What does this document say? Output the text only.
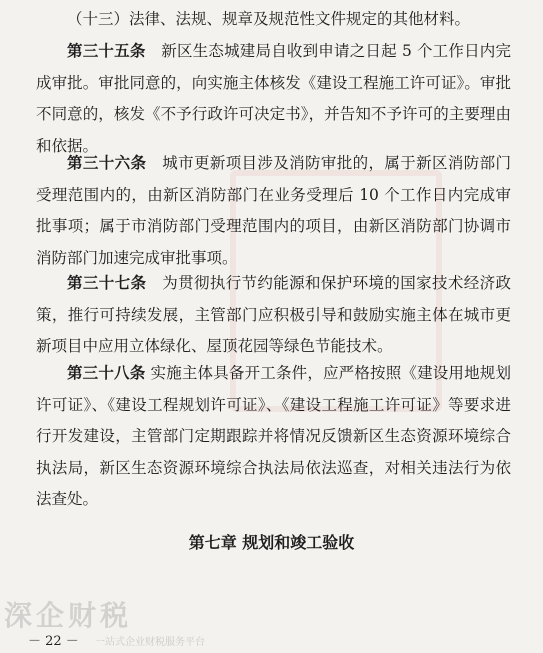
（十三）法律、法规、规章及规范性文件规定的其他材料。

第三十五条　 新区生态城建局自收到申请之日起 5 个工作日内完成审批。审批同意的，向实施主体核发《建设工程施工许可证》。审批不同意的，核发《不予行政许可决定书》，并告知不予许可的主要理由和依据。

第三十六条　 城市更新项目涉及消防审批的，属于新区消防部门受理范围内的，由新区消防部门在业务受理后 10 个工作日内完成审批事项；属于市消防部门受理范围内的项目，由新区消防部门协调市消防部门加速完成审批事项。

第三十七条　 为贯彻执行节约能源和保护环境的国家技术经济政策，推行可持续发展，主管部门应积极引导和鼓励实施主体在城市更新项目中应用立体绿化、屋顶花园等绿色节能技术。

第三十八条 实施主体具备开工条件，应严格按照《建设用地规划许可证》、《建设工程规划许可证》、《建设工程施工许可证》等要求进行开发建设，主管部门定期跟踪并将情况反馈新区生态资源环境综合执法局，新区生态资源环境综合执法局依法巡查，对相关违法行为依法查处。

第七章 规划和竣工验收

深企财税
一站式企业财税服务平台
－ 22 －
